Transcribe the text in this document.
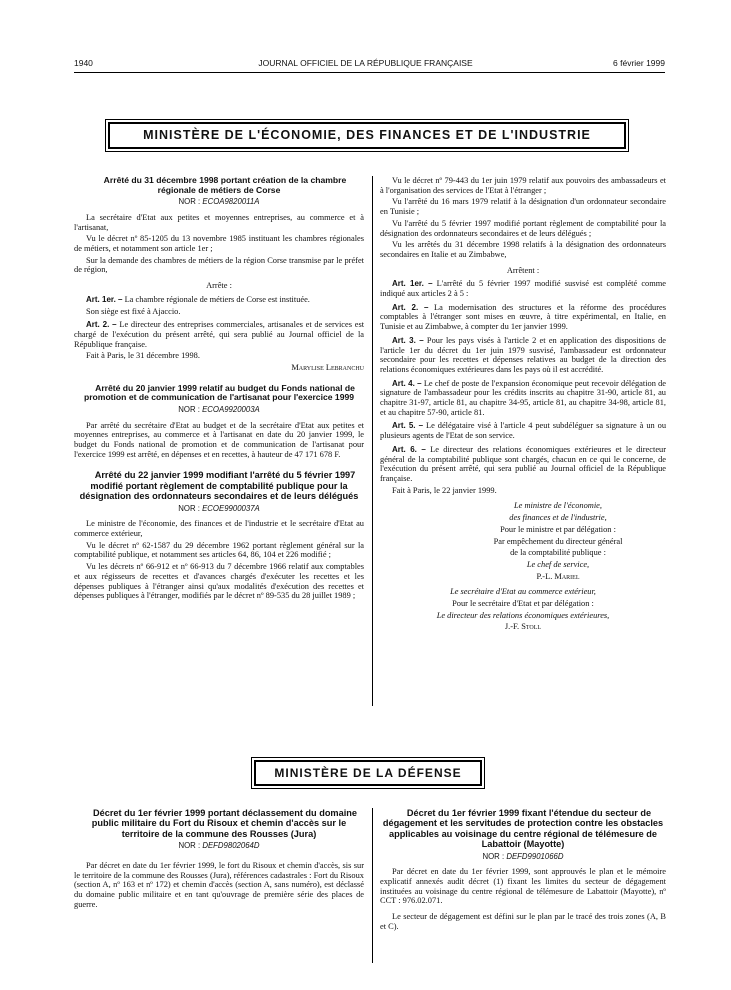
1940	JOURNAL OFFICIEL DE LA RÉPUBLIQUE FRANÇAISE	6 février 1999
MINISTÈRE DE L'ÉCONOMIE, DES FINANCES ET DE L'INDUSTRIE

Arrêté du 31 décembre 1998 portant création de la chambre régionale de métiers de Corse

NOR : ECOA9820011A

La secrétaire d'Etat aux petites et moyennes entreprises, au commerce et à l'artisanat,

Vu le décret nº 85-1205 du 13 novembre 1985 instituant les chambres régionales de métiers, et notamment son article 1er ;

Sur la demande des chambres de métiers de la région Corse transmise par le préfet de région,

Arrête :

Art. 1er. – La chambre régionale de métiers de Corse est instituée.

Son siège est fixé à Ajaccio.

Art. 2. – Le directeur des entreprises commerciales, artisanales et de services est chargé de l'exécution du présent arrêté, qui sera publié au Journal officiel de la République française.

Fait à Paris, le 31 décembre 1998.

Marylise Lebranchu

Arrêté du 20 janvier 1999 relatif au budget du Fonds national de promotion et de communication de l'artisanat pour l'exercice 1999

NOR : ECOA9920003A

Par arrêté du secrétaire d'Etat au budget et de la secrétaire d'Etat aux petites et moyennes entreprises, au commerce et à l'artisanat en date du 20 janvier 1999, le budget du Fonds national de promotion et de communication de l'artisanat pour l'exercice 1999 est arrêté, en dépenses et en recettes, à hauteur de 47 171 678 F.

Arrêté du 22 janvier 1999 modifiant l'arrêté du 5 février 1997 modifié portant règlement de comptabilité publique pour la désignation des ordonnateurs secondaires et de leurs délégués

NOR : ECOE9900037A

Le ministre de l'économie, des finances et de l'industrie et le secrétaire d'Etat au commerce extérieur,

Vu le décret nº 62-1587 du 29 décembre 1962 portant règlement général sur la comptabilité publique, et notamment ses articles 64, 86, 104 et 226 modifié ;

Vu les décrets nº 66-912 et nº 66-913 du 7 décembre 1966 relatif aux comptables et aux régisseurs de recettes et d'avances chargés d'exécuter les recettes et les dépenses publiques à l'étranger ainsi qu'aux modalités d'exécution des recettes et dépenses publiques à l'étranger, modifiés par le décret nº 89-535 du 28 juillet 1989 ;

Vu le décret nº 79-443 du 1er juin 1979 relatif aux pouvoirs des ambassadeurs et à l'organisation des services de l'Etat à l'étranger ;

Vu l'arrêté du 16 mars 1979 relatif à la désignation d'un ordonnateur secondaire en Tunisie ;

Vu l'arrêté du 5 février 1997 modifié portant règlement de comptabilité pour la désignation des ordonnateurs secondaires et de leurs délégués ;

Vu les arrêtés du 31 décembre 1998 relatifs à la désignation des ordonnateurs secondaires en Italie et au Zimbabwe,

Arrêtent :

Art. 1er. – L'arrêté du 5 février 1997 modifié susvisé est complété comme indiqué aux articles 2 à 5 :

Art. 2. – La modernisation des structures et la réforme des procédures comptables à l'étranger sont mises en œuvre, à titre expérimental, en Italie, en Tunisie et au Zimbabwe, à compter du 1er janvier 1999.

Art. 3. – Pour les pays visés à l'article 2 et en application des dispositions de l'article 1er du décret du 1er juin 1979 susvisé, l'ambassadeur est ordonnateur secondaire pour les recettes et dépenses relatives au budget de la direction des relations économiques extérieures dans les pays où il est accrédité.

Art. 4. – Le chef de poste de l'expansion économique peut recevoir délégation de signature de l'ambassadeur pour les crédits inscrits au chapitre 31-90, article 81, au chapitre 31-97, article 81, au chapitre 34-95, article 81, au chapitre 34-98, article 81, et au chapitre 57-90, article 81.

Art. 5. – Le délégataire visé à l'article 4 peut subdéléguer sa signature à un ou plusieurs agents de l'Etat de son service.

Art. 6. – Le directeur des relations économiques extérieures et le directeur général de la comptabilité publique sont chargés, chacun en ce qui le concerne, de l'exécution du présent arrêté, qui sera publié au Journal officiel de la République française.

Fait à Paris, le 22 janvier 1999.

Le ministre de l'économie,

des finances et de l'industrie,

Pour le ministre et par délégation :

Par empêchement du directeur général

de la comptabilité publique :

Le chef de service,

P.-L. Mariel

Le secrétaire d'Etat au commerce extérieur,

Pour le secrétaire d'Etat et par délégation :

Le directeur des relations économiques extérieures,

J.-F. Stoll

MINISTÈRE DE LA DÉFENSE

Décret du 1er février 1999 portant déclassement du domaine public militaire du Fort du Risoux et chemin d'accès sur le territoire de la commune des Rousses (Jura)

NOR : DEFD9802064D

Par décret en date du 1er février 1999, le fort du Risoux et chemin d'accès, sis sur le territoire de la commune des Rousses (Jura), références cadastrales : Fort du Risoux (section A, nº 163 et nº 172) et chemin d'accès (section A, sans numéro), est déclassé du domaine public militaire et en tant qu'ouvrage de première série des places de guerre.

Décret du 1er février 1999 fixant l'étendue du secteur de dégagement et les servitudes de protection contre les obstacles applicables au voisinage du centre régional de télémesure de Labattoir (Mayotte)

NOR : DEFD9901066D

Par décret en date du 1er février 1999, sont approuvés le plan et le mémoire explicatif annexés audit décret (1) fixant les limites du secteur de dégagement instituées au voisinage du centre régional de télémesure de Labattoir (Mayotte), nº CCT : 976.02.071.

Le secteur de dégagement est défini sur le plan par le tracé des trois zones (A, B et C).
